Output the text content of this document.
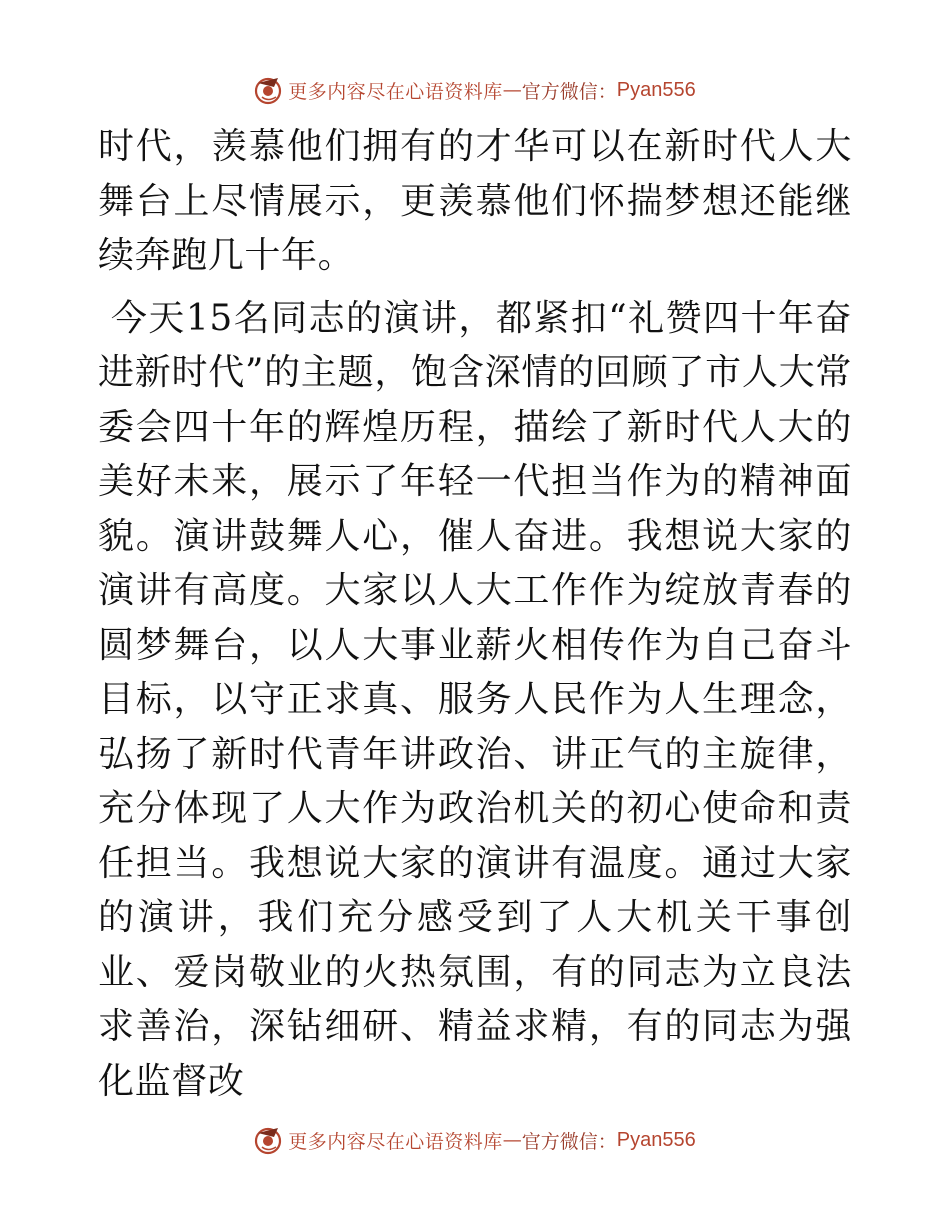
更多内容尽在心语资料库 — 官方微信： Pyan556

时代，羡慕他们拥有的才华可以在新时代人大舞台上尽情展示，更羡慕他们怀揣梦想还能继续奔跑几十年。

今天15名同志的演讲，都紧扣“礼赞四十年奋进新时代”的主题，饱含深情的回顾了市人大常委会四十年的辉煌历程，描绘了新时代人大的美好未来，展示了年轻一代担当作为的精神面貌。演讲鼓舞人心，催人奋进。我想说大家的演讲有高度。大家以人大工作作为绽放青春的圆梦舞台，以人大事业薪火相传作为自己奋斗目标，以守正求真、服务人民作为人生理念，弘扬了新时代青年讲政治、讲正气的主旋律，充分体现了人大作为政治机关的初心使命和责任担当。我想说大家的演讲有温度。通过大家的演讲，我们充分感受到了人大机关干事创业、爱岗敬业的火热氛围，有的同志为立良法求善治，深钻细研、精益求精，有的同志为强化监督改

更多内容尽在心语资料库 — 官方微信： Pyan556
